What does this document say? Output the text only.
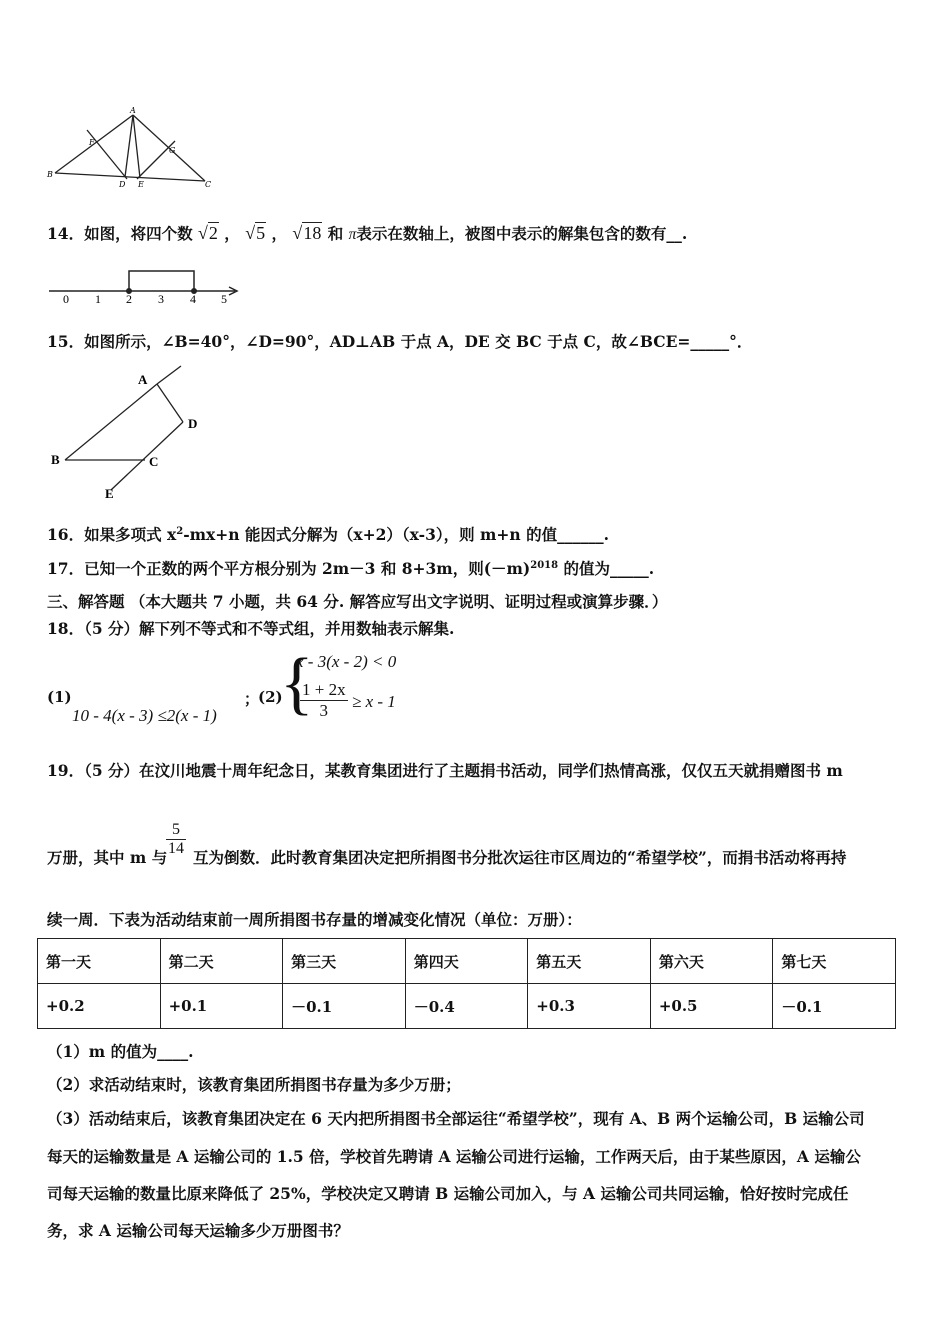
A
B
C
D E
F
G
14．如图，将四个数 √2 ， √5 ， √18 和 π表示在数轴上，被图中表示的解集包含的数有__.
0 1 2 3 4 5
15．如图所示，∠B=40°，∠D=90°，AD⊥AB 于点 A，DE 交 BC 于点 C，故∠BCE=_____°．
A
B	C
D
E
16．如果多项式 $x^2-mx+n$ 能因式分解为（x+2）（x-3），则 m+n 的值______.
17．已知一个正数的两个平方根分别为 2m－3 和 8+3m，则$(-m)^{2018}$ 的值为_____.
三、解答题 （本大题共 7 小题，共 64 分. 解答应写出文字说明、证明过程或演算步骤．）
18．（5 分）解下列不等式和不等式组，并用数轴表示解集.
(1)
10 - 4(x - 3) ≤2(x - 1)
；
(2)
{
x - 3(x - 2) < 0
$\frac{1 + 2x}{3} \ge x - 1$
19．（5 分）在汶川地震十周年纪念日，某教育集团进行了主题捐书活动，同学们热情高涨，仅仅五天就捐赠图书 m
万册，其中 m 与
$\frac{5}{14}$ 互为倒数．此时教育集团决定把所捐图书分批次运往市区周边的“希望学校”，而捐书活动将再持
续一周．下表为活动结束前一周所捐图书存量的增减变化情况（单位：万册）：
第一天	第二天	第三天	第四天	第五天	第六天	第七天
+0.2	+0.1	－0.1	－0.4	+0.3	+0.5	－0.1
（1）m 的值为____.
（2）求活动结束时，该教育集团所捐图书存量为多少万册；
（3）活动结束后，该教育集团决定在 6 天内把所捐图书全部运往“希望学校”，现有 A、B 两个运输公司，B 运输公司
每天的运输数量是 A 运输公司的 1.5 倍，学校首先聘请 A 运输公司进行运输，工作两天后，由于某些原因，A 运输公
司每天运输的数量比原来降低了 25%，学校决定又聘请 B 运输公司加入，与 A 运输公司共同运输，恰好按时完成任
务，求 A 运输公司每天运输多少万册图书？
